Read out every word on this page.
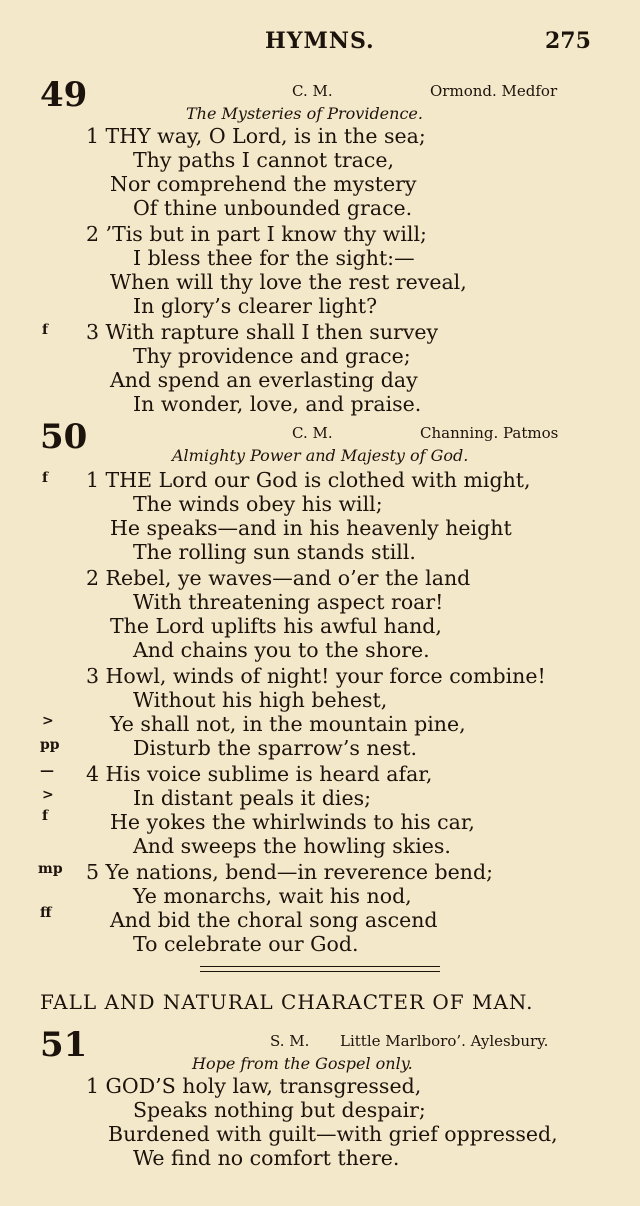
HYMNS.	275
49	C. M.	Ormond. Medfor
The Mysteries of Providence.
1 THY way, O Lord, is in the sea;
Thy paths I cannot trace,
Nor comprehend the mystery
Of thine unbounded grace.
2 ’Tis but in part I know thy will;
I bless thee for the sight:—
When will thy love the rest reveal,
In glory’s clearer light?
f 3 With rapture shall I then survey
Thy providence and grace;
And spend an everlasting day
In wonder, love, and praise.
50	C. M.	Channing. Patmos
Almighty Power and Majesty of God.
f 1 THE Lord our God is clothed with might,
The winds obey his will;
He speaks—and in his heavenly height
The rolling sun stands still.
2 Rebel, ye waves—and o’er the land
With threatening aspect roar!
The Lord uplifts his awful hand,
And chains you to the shore.
3 Howl, winds of night! your force combine!
Without his high behest,
>	Ye shall not, in the mountain pine,
pp	Disturb the sparrow’s nest.
— 4 His voice sublime is heard afar,
>	In distant peals it dies;
f	He yokes the whirlwinds to his car,
And sweeps the howling skies.
mp 5 Ye nations, bend—in reverence bend;
Ye monarchs, wait his nod,
ff	And bid the choral song ascend
To celebrate our God.
FALL AND NATURAL CHARACTER OF MAN.
51	S. M. Little Marlboro’. Aylesbury.
Hope from the Gospel only.
1 GOD’S holy law, transgressed,
Speaks nothing but despair;
Burdened with guilt—with grief oppressed,
We find no comfort there.
